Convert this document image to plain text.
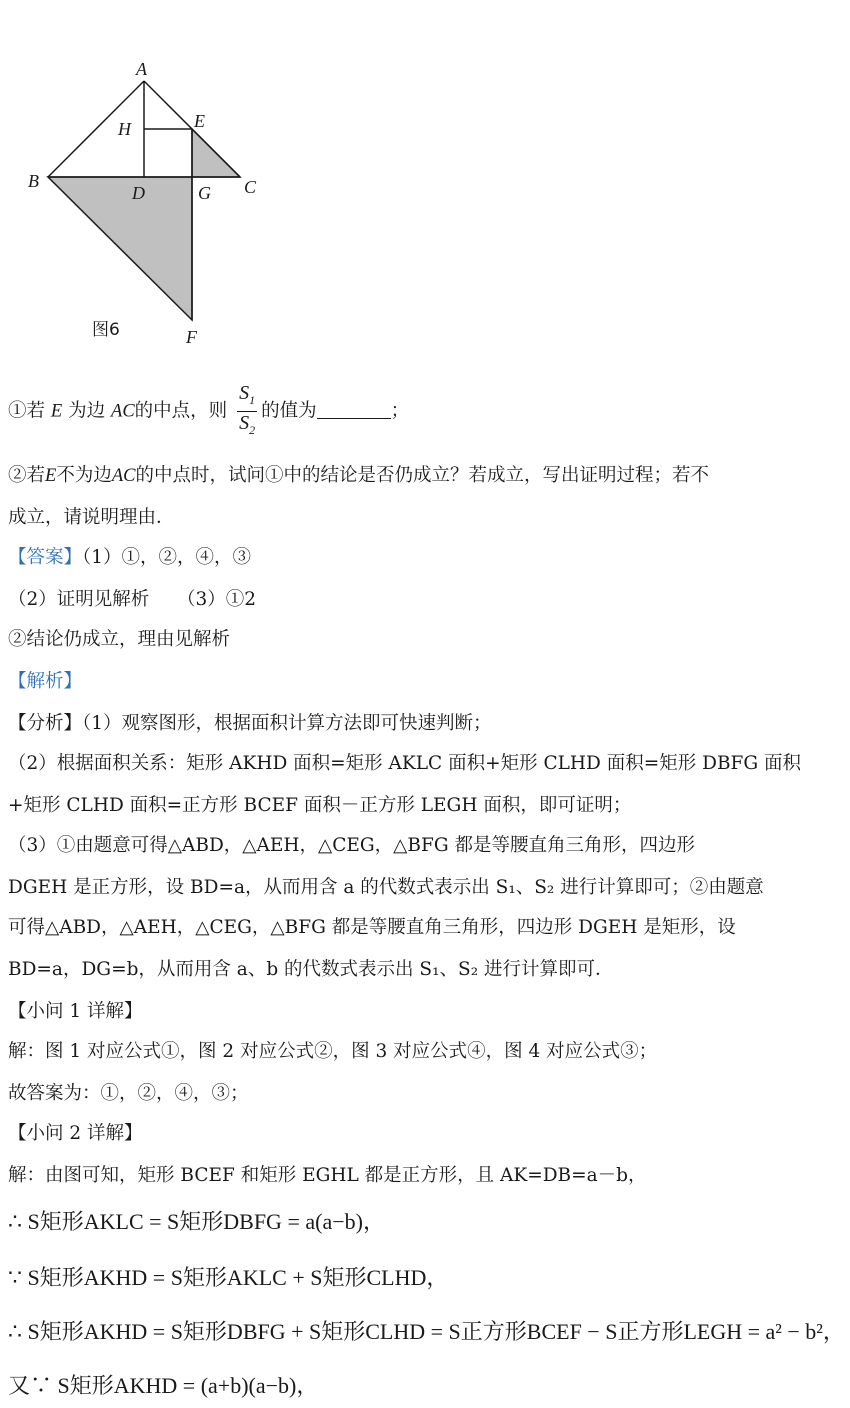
A
H	E
B
D	G C
F
图6
①若 E 为边 AC的中点，则 $\frac{S_1}{S_2}$ 的值为	；
②若E不为边AC的中点时，试问①中的结论是否仍成立？若成立，写出证明过程；若不
成立，请说明理由．
【答案】（1）①，②，④，③
（2）证明见解析　　（3）①2
②结论仍成立，理由见解析
【解析】
【分析】（1）观察图形，根据面积计算方法即可快速判断；
（2）根据面积关系：矩形 AKHD 面积=矩形 AKLC 面积+矩形 CLHD 面积=矩形 DBFG 面积
+矩形 CLHD 面积=正方形 BCEF 面积－正方形 LEGH 面积，即可证明；
（3）①由题意可得△ABD，△AEH，△CEG，△BFG 都是等腰直角三角形，四边形
DGEH 是正方形，设 BD=a，从而用含 a 的代数式表示出 S₁、S₂ 进行计算即可；②由题意
可得△ABD，△AEH，△CEG，△BFG 都是等腰直角三角形，四边形 DGEH 是矩形，设
BD=a，DG=b，从而用含 a、b 的代数式表示出 S₁、S₂ 进行计算即可．
【小问 1 详解】
解：图 1 对应公式①，图 2 对应公式②，图 3 对应公式④，图 4 对应公式③；
故答案为：①，②，④，③；
【小问 2 详解】
解：由图可知，矩形 BCEF 和矩形 EGHL 都是正方形，且 AK=DB=a－b，
∴ S矩形AKLC = S矩形DBFG = a(a−b)，
∵ S矩形AKHD = S矩形AKLC + S矩形CLHD，
∴ S矩形AKHD = S矩形DBFG + S矩形CLHD = S正方形BCEF − S正方形LEGH = a² − b²，
又∵ S矩形AKHD = (a+b)(a−b)，
